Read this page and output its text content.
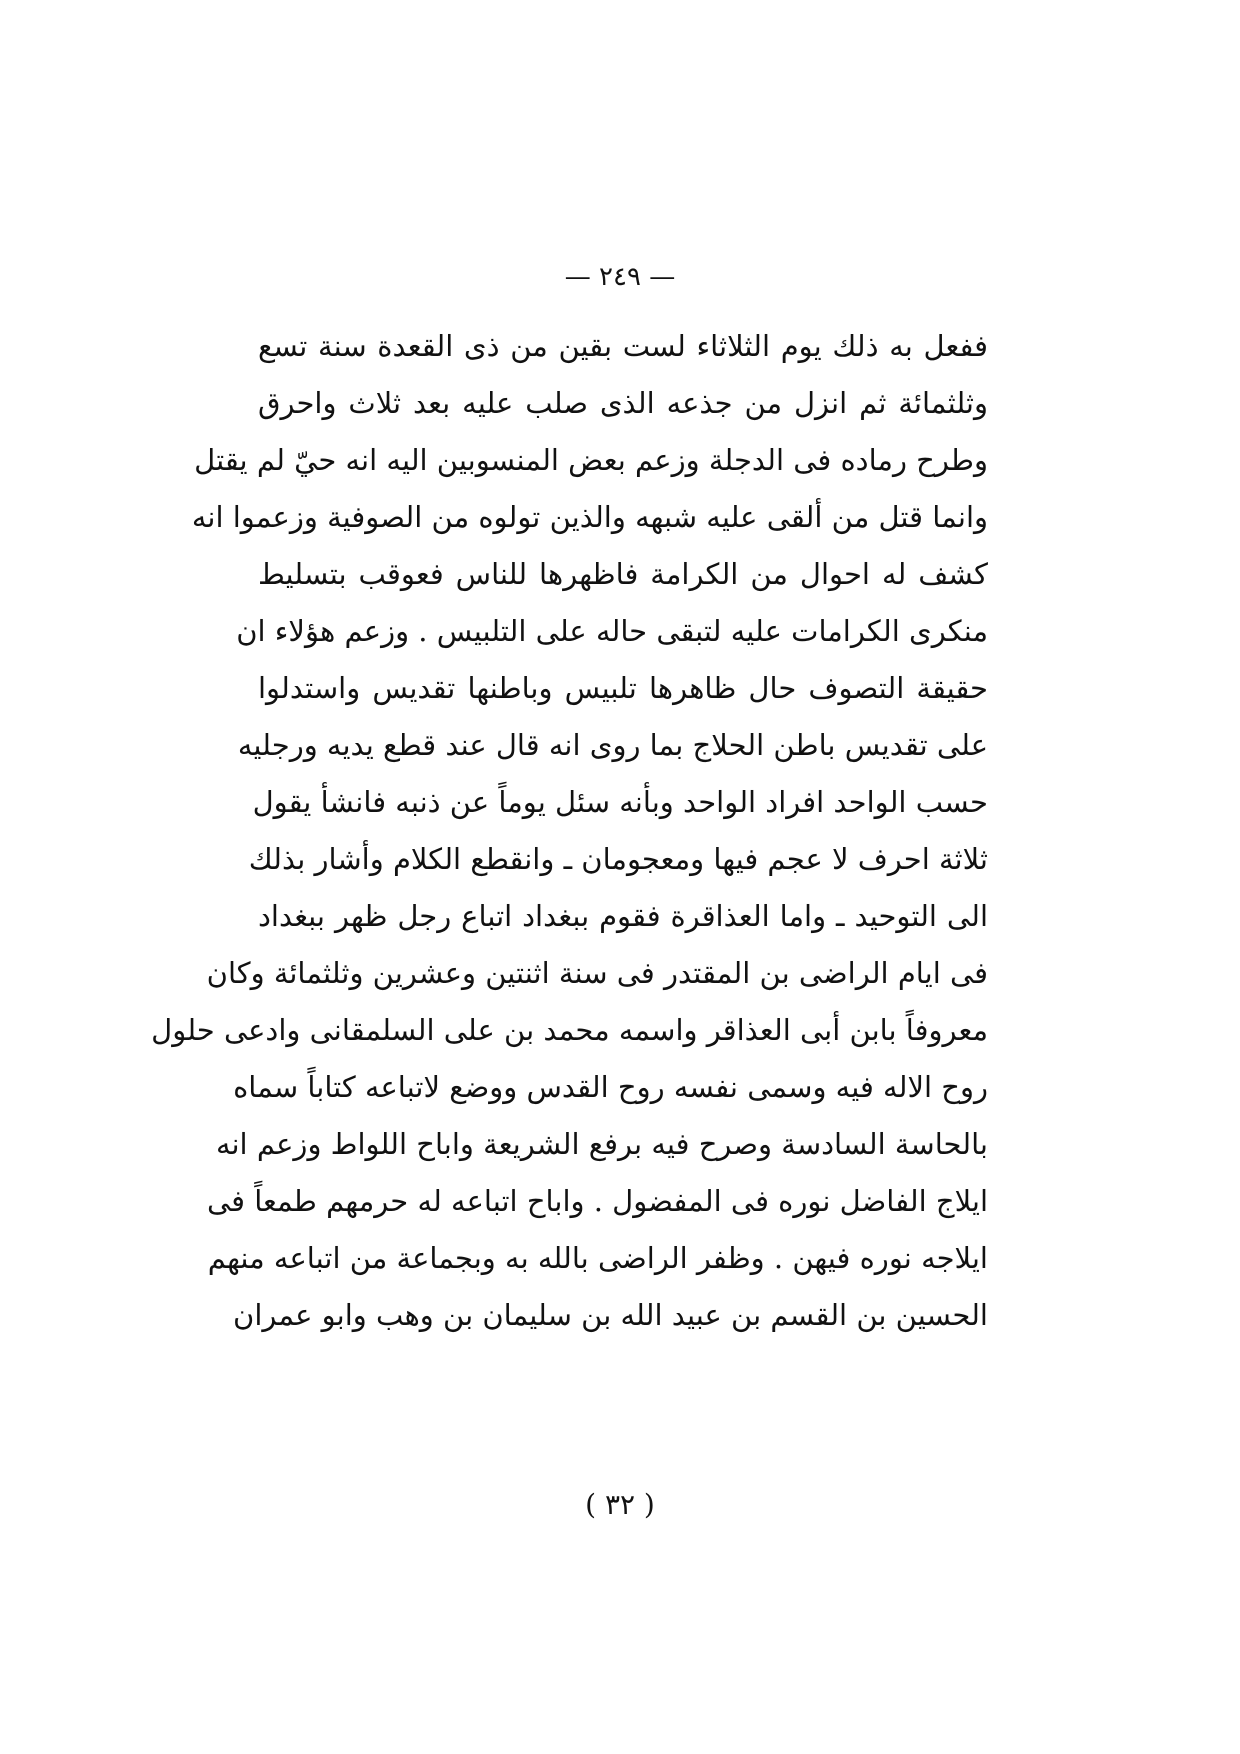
— ٢٤٩ —
ففعل به ذلك يوم الثلاثاء لست بقين من ذى القعدة سنة تسع
وثلثمائة ثم انزل من جذعه الذى صلب عليه بعد ثلاث واحرق
وطرح رماده فى الدجلة وزعم بعض المنسوبين اليه انه حيّ لم يقتل
وانما قتل من ألقى عليه شبهه والذين تولوه من الصوفية وزعموا انه
كشف له احوال من الكرامة فاظهرها للناس فعوقب بتسليط
منكرى الكرامات عليه لتبقى حاله على التلبيس . وزعم هؤلاء ان
حقيقة التصوف حال ظاهرها تلبيس وباطنها تقديس واستدلوا
على تقديس باطن الحلاج بما روى انه قال عند قطع يديه ورجليه
حسب الواحد افراد الواحد وبأنه سئل يوماً عن ذنبه فانشأ يقول
ثلاثة احرف لا عجم فيها ومعجومان ـ وانقطع الكلام وأشار بذلك
الى التوحيد ـ واما العذاقرة فقوم ببغداد اتباع رجل ظهر ببغداد
فى ايام الراضى بن المقتدر فى سنة اثنتين وعشرين وثلثمائة وكان
معروفاً بابن أبى العذاقر واسمه محمد بن على السلمقانى وادعى حلول
روح الاله فيه وسمى نفسه روح القدس ووضع لاتباعه كتاباً سماه
بالحاسة السادسة وصرح فيه برفع الشريعة واباح اللواط وزعم انه
ايلاج الفاضل نوره فى المفضول . واباح اتباعه له حرمهم طمعاً فى
ايلاجه نوره فيهن . وظفر الراضى بالله به وبجماعة من اتباعه منهم
الحسين بن القسم بن عبيد الله بن سليمان بن وهب وابو عمران
( ٣٢ )
